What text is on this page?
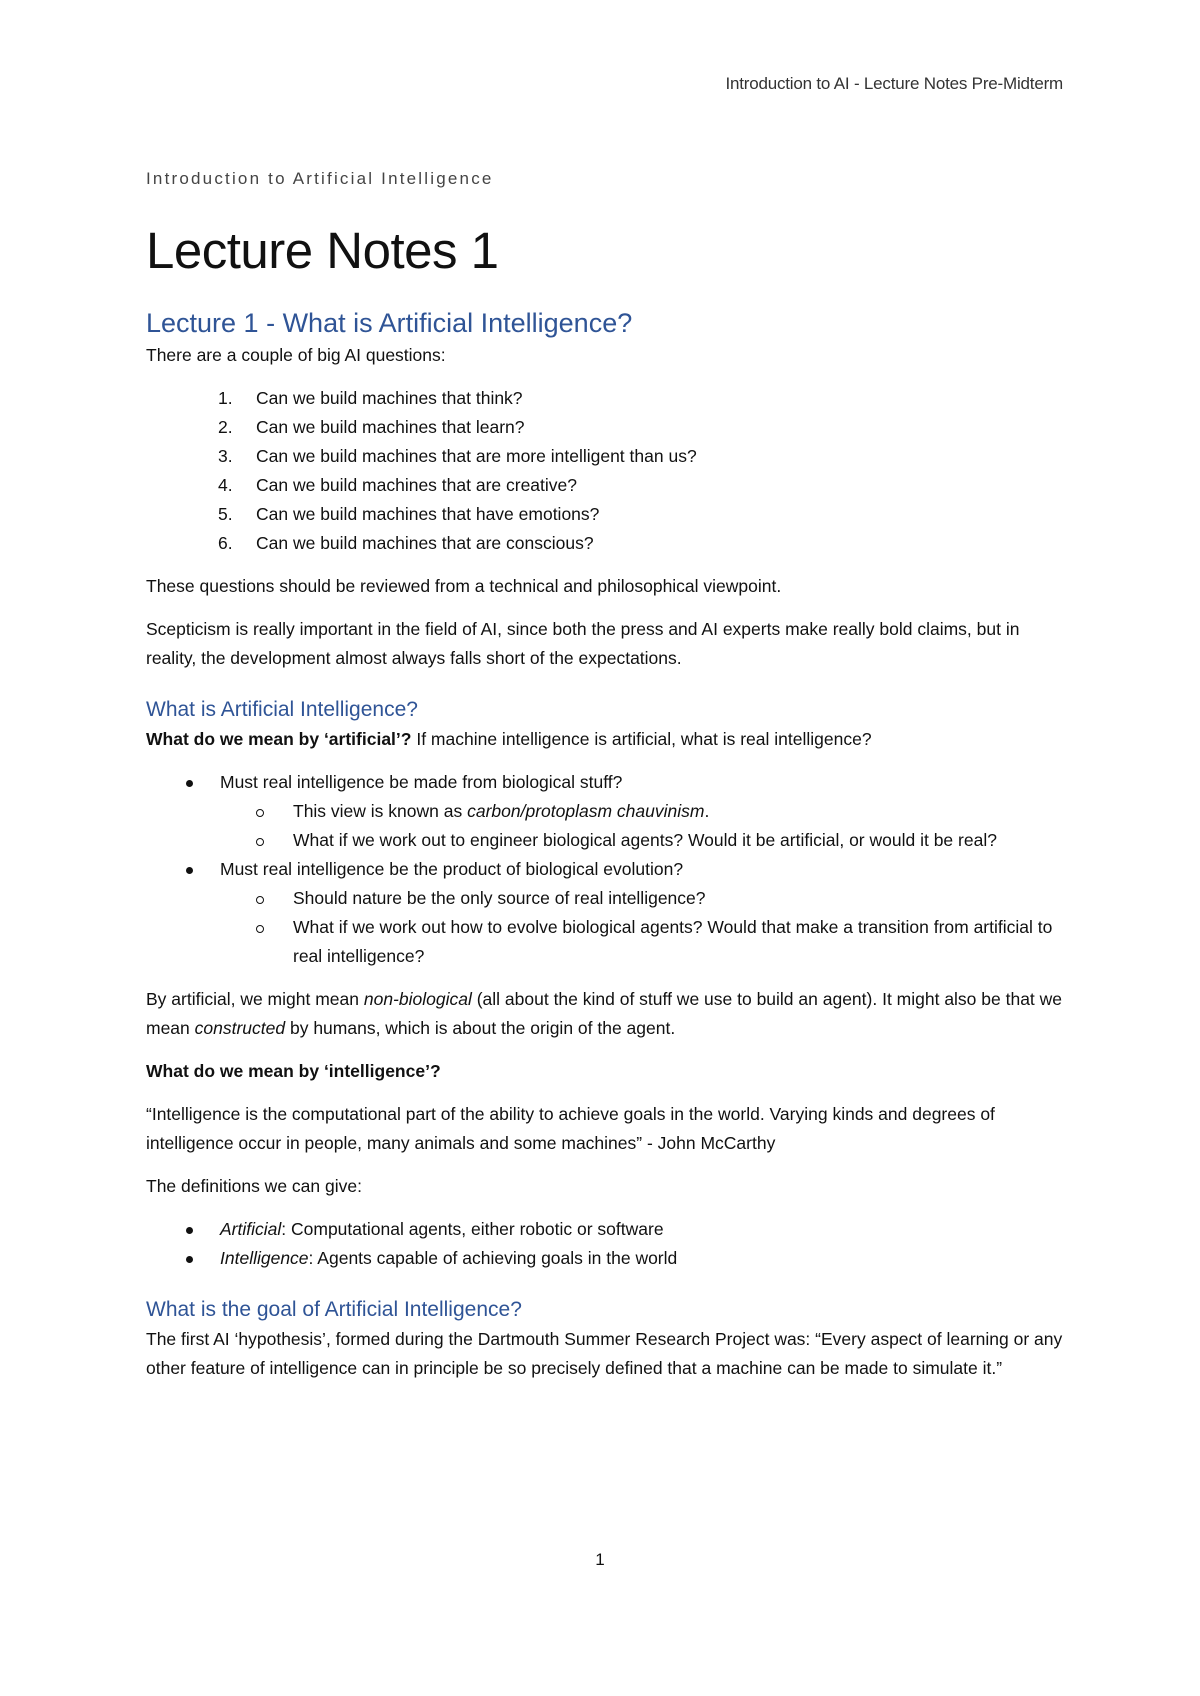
Introduction to AI - Lecture Notes Pre-Midterm

Introduction to Artificial Intelligence

Lecture Notes 1
Lecture 1 - What is Artificial Intelligence?

There are a couple of big AI questions:

1. Can we build machines that think?
2. Can we build machines that learn?
3. Can we build machines that are more intelligent than us?
4. Can we build machines that are creative?
5. Can we build machines that have emotions?
6. Can we build machines that are conscious?

These questions should be reviewed from a technical and philosophical viewpoint.

Scepticism is really important in the field of AI, since both the press and AI experts make really bold claims, but in reality, the development almost always falls short of the expectations.

What is Artificial Intelligence?

What do we mean by ‘artificial’? If machine intelligence is artificial, what is real intelligence?

Must real intelligence be made from biological stuff?
This view is known as carbon/protoplasm chauvinism.
What if we work out to engineer biological agents? Would it be artificial, or would it be real?
Must real intelligence be the product of biological evolution?
Should nature be the only source of real intelligence?
What if we work out how to evolve biological agents? Would that make a transition from artificial to real intelligence?

By artificial, we might mean non-biological (all about the kind of stuff we use to build an agent). It might also be that we mean constructed by humans, which is about the origin of the agent.

What do we mean by ‘intelligence’?

“Intelligence is the computational part of the ability to achieve goals in the world. Varying kinds and degrees of intelligence occur in people, many animals and some machines” - John McCarthy

The definitions we can give:

Artificial: Computational agents, either robotic or software
Intelligence: Agents capable of achieving goals in the world
What is the goal of Artificial Intelligence?

The first AI ‘hypothesis’, formed during the Dartmouth Summer Research Project was: “Every aspect of learning or any other feature of intelligence can in principle be so precisely defined that a machine can be made to simulate it.”

1
